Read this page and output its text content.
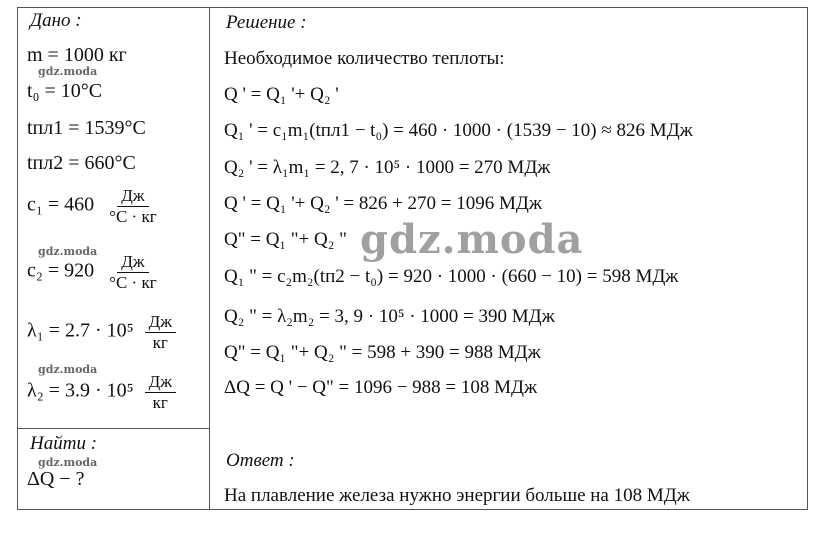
Дано :
m = 1000 кг
gdz.moda
t₀ = 10°C
tпл1 = 1539°C
tпл2 = 660°C
$c_1 = 460 \frac{Дж}{^\circ C \cdot кг}$
gdz.moda
$c_2 = 920 \frac{Дж}{^\circ C \cdot кг}$
$\lambda_1 = 2.7 \cdot 10^5 \frac{Дж}{кг}$
gdz.moda
$\lambda_2 = 3.9 \cdot 10^5 \frac{Дж}{кг}$
Найти :
gdz.moda
ΔQ − ?
Решение :
Необходимое количество теплоты:
Q ' = Q₁ '+ Q₂ '
Q₁ ' = c₁m₁(tпл1 − t₀) = 460 · 1000 · (1539 − 10) ≈ 826 МДж
Q₂ ' = λ₁m₁ = 2, 7 · 10⁵ · 1000 = 270 МДж
Q ' = Q₁ '+ Q₂ ' = 826 + 270 = 1096 МДж
Q" = Q₁ "+ Q₂ "
Q₁ " = c₂m₂(tп2 − t₀) = 920 · 1000 · (660 − 10) = 598 МДж
Q₂ " = λ₂m₂ = 3, 9 · 10⁵ · 1000 = 390 МДж
Q" = Q₁ "+ Q₂ " = 598 + 390 = 988 МДж
ΔQ = Q ' − Q" = 1096 − 988 = 108 МДж
gdz.moda
Ответ :
На плавление железа нужно энергии больше на 108 МДж
